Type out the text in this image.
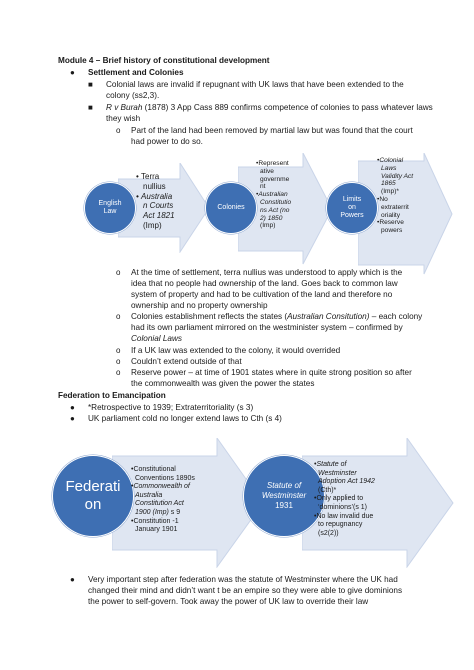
Module 4 – Brief history of constitutional development
● Settlement and Colonies
■ Colonial laws are invalid if repugnant with UK laws that have been extended to the
colony (ss2,3).
■ R v Burah (1878) 3 App Cass 889 confirms competence of colonies to pass whatever laws
they wish
o Part of the land had been removed by martial law but was found that the court
had power to do so.
English
Law
Colonies
Limits
on
Powers
• Terra
nullius
• Australia
n Courts
Act 1821
(Imp)
•Represent
ative
governme
nt
•Australian
Constitutio
ns Act (no
2) 1850
(Imp)
•Colonial
Laws
Validity Act
1865
(Imp)*
•No
extraterrit
oriality
•Reserve
powers
o At the time of settlement, terra nullius was understood to apply which is the
idea that no people had ownership of the land. Goes back to common law
system of property and had to be cultivation of the land and therefore no
ownership and no property ownership
o Colonies establishment reflects the states (Australian Consitution) – each colony
had its own parliament mirrored on the westminister system – confirmed by
Colonial Laws
o If a UK law was extended to the colony, it would overrided
o Couldn’t extend outside of that
o Reserve power – at time of 1901 states where in quite strong position so after
the commonwealth was given the power the states
Federation to Emancipation
● *Retrospective to 1939; Extraterritoriality (s 3)
● UK parliament cold no longer extend laws to Cth (s 4)
Federati
on
Statute of
Westminster
1931
•Constitutional
Conventions 1890s
•Commonwealth of
Australia
Constitution Act
1900 (Imp) s 9
•Constitution -1
January 1901
•Statute of
Westminster
Adoption Act 1942
(Cth)*
•Only applied to
‘dominions’(s 1)
•No law invalid due
to repugnancy
(s2(2))
● Very important step after federation was the statute of Westminster where the UK had
changed their mind and didn’t want t be an empire so they were able to give dominions
the power to self-govern. Took away the power of UK law to override their law
